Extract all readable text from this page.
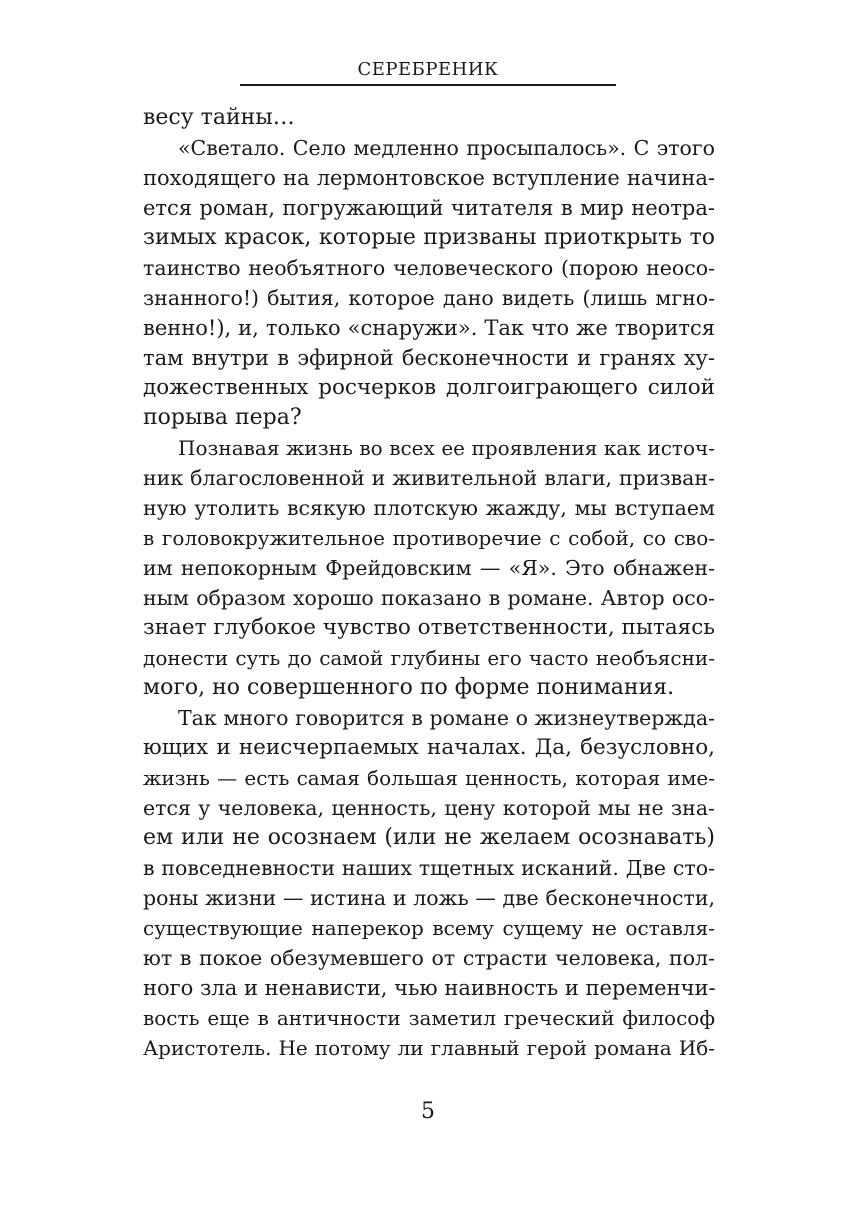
СЕРЕБРЕНИК
весу тайны…
«Светало. Село медленно просыпалось». С этого
походящего на лермонтовское вступление начина-
ется роман, погружающий читателя в мир неотра-
зимых красок, которые призваны приоткрыть то
таинство необъятного человеческого (порою неосо-
знанного!) бытия, которое дано видеть (лишь мгно-
венно!), и, только «снаружи». Так что же творится
там внутри в эфирной бесконечности и гранях ху-
дожественных росчерков долгоиграющего силой
порыва пера?
Познавая жизнь во всех ее проявления как источ-
ник благословенной и живительной влаги, призван-
ную утолить всякую плотскую жажду, мы вступаем
в головокружительное противоречие с собой, со сво-
им непокорным Фрейдовским — «Я». Это обнажен-
ным образом хорошо показано в романе. Автор осо-
знает глубокое чувство ответственности, пытаясь
донести суть до самой глубины его часто необъясни-
мого, но совершенного по форме понимания.
Так много говорится в романе о жизнеутвержда-
ющих и неисчерпаемых началах. Да, безусловно,
жизнь — есть самая большая ценность, которая име-
ется у человека, ценность, цену которой мы не зна-
ем или не осознаем (или не желаем осознавать)
в повседневности наших тщетных исканий. Две сто-
роны жизни — истина и ложь — две бесконечности,
существующие наперекор всему сущему не оставля-
ют в покое обезумевшего от страсти человека, пол-
ного зла и ненависти, чью наивность и переменчи-
вость еще в античности заметил греческий философ
Аристотель. Не потому ли главный герой романа Иб-
5
